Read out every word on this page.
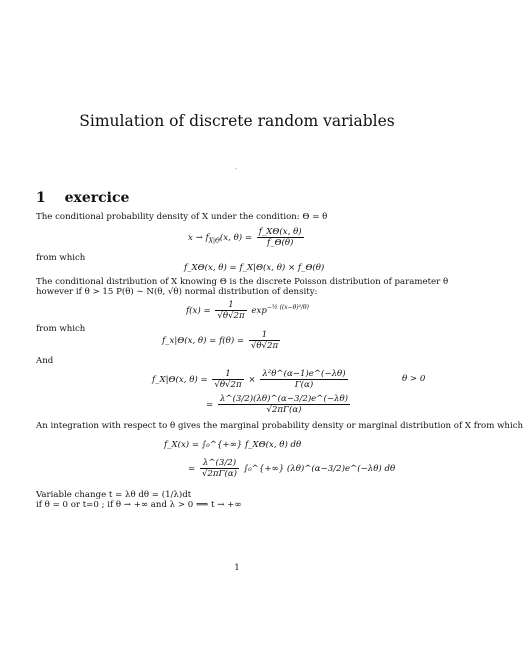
Simulation of discrete random variables
·
1 exercice
The conditional probability density of X under the condition: Θ = θ
$x \to f_{X|\Theta}(x$, $\theta) = \frac{f\_X\Theta(x, \theta)}{f\_\Theta(\theta)}$
from which
f_XΘ(x, θ) = f_X|Θ(x, θ) × f_Θ(θ)
The conditional distribution of X knowing Θ is the discrete Poisson distribution of parameter θ
however if θ > 15 P(θ) ∼ N(θ, √θ) normal distribution of density:
$f(x) = \frac{1}{√\theta√2\pi} \exp^{-\frac{1}{2} ((x-\theta)^2/\theta)}$
from which
f_x|Θ(x, $\theta) = f(\theta) = \frac{1}{√\theta√2\pi}$
And
f_X|Θ(x, $\theta) = \frac{1}{√\theta√2\pi} \times \frac{\text{λ²θ\textasciicircum{}(α−1)e\textasciicircum{}(−λθ)}}{\Gamma(\alpha)}$	θ > 0
= $\frac{\lambda\^{}(3/2)(\lambda\theta)\^{}(\alpha-3/2)e\^{}(-\lambda\theta)}{√2\pi\Gamma(\alpha)}$
An integration with respect to θ gives the marginal probability density or marginal distribution of X from which
f_X(x) = ∫₀^{+∞} f_XΘ(x, θ) dθ
= $\frac{\lambda\^{}(3/2)}{√2\pi\Gamma(\alpha)}$ ∫₀^{+∞} (λθ)^(α−3/2)e^(−λθ) dθ
Variable change t = λθ dθ = (1/λ)dt
if θ = 0 or t=0 ; if θ → +∞ and λ > 0 ⟹ t → +∞
1
